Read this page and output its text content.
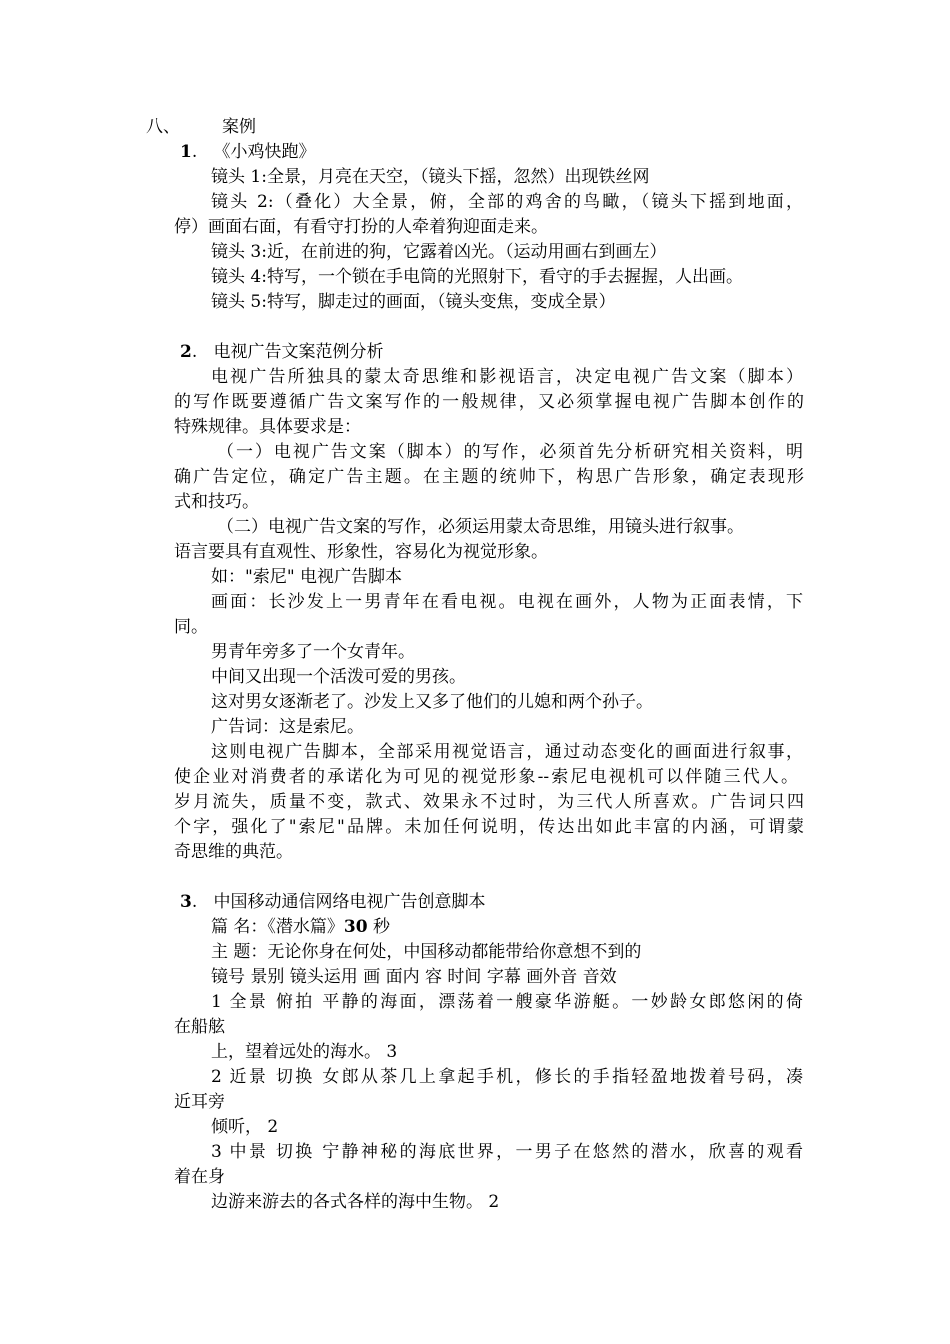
八、 案例
1.   《小鸡快跑》
镜头 1:全景，月亮在天空，（镜头下摇，忽然）出现铁丝网
镜头 2:（叠化）大全景，俯，全部的鸡舍的鸟瞰，（镜头下摇到地面，
停）画面右面，有看守打扮的人牵着狗迎面走来。
镜头 3:近，在前进的狗，它露着凶光。（运动用画右到画左）
镜头 4:特写，一个锁在手电筒的光照射下，看守的手去握握，人出画。
镜头 5:特写，脚走过的画面，（镜头变焦，变成全景）
2.   电视广告文案范例分析
电视广告所独具的蒙太奇思维和影视语言，决定电视广告文案（脚本）
的写作既要遵循广告文案写作的一般规律，又必须掌握电视广告脚本创作的
特殊规律。具体要求是：
（一）电视广告文案（脚本）的写作，必须首先分析研究相关资料，明
确广告定位，确定广告主题。在主题的统帅下，构思广告形象，确定表现形
式和技巧。
（二）电视广告文案的写作，必须运用蒙太奇思维，用镜头进行叙事。
语言要具有直观性、形象性，容易化为视觉形象。
如："索尼" 电视广告脚本
画面：长沙发上一男青年在看电视。电视在画外，人物为正面表情，下
同。
男青年旁多了一个女青年。
中间又出现一个活泼可爱的男孩。
这对男女逐渐老了。沙发上又多了他们的儿媳和两个孙子。
广告词：这是索尼。
这则电视广告脚本，全部采用视觉语言，通过动态变化的画面进行叙事，
使企业对消费者的承诺化为可见的视觉形象--索尼电视机可以伴随三代人。
岁月流失，质量不变，款式、效果永不过时，为三代人所喜欢。广告词只四
个字，强化了"索尼"品牌。未加任何说明，传达出如此丰富的内涵，可谓蒙
奇思维的典范。
3.   中国移动通信网络电视广告创意脚本
篇 名：《潜水篇》30 秒
主 题：无论你身在何处，中国移动都能带给你意想不到的
镜号 景别 镜头运用 画 面内 容 时间 字幕 画外音 音效
1 全景 俯拍 平静的海面，漂荡着一艘豪华游艇。一妙龄女郎悠闲的倚
在船舷
上，望着远处的海水。 3
2 近景 切换 女郎从茶几上拿起手机，修长的手指轻盈地拨着号码，凑
近耳旁
倾听， 2
3 中景 切换 宁静神秘的海底世界，一男子在悠然的潜水，欣喜的观看
着在身
边游来游去的各式各样的海中生物。 2
